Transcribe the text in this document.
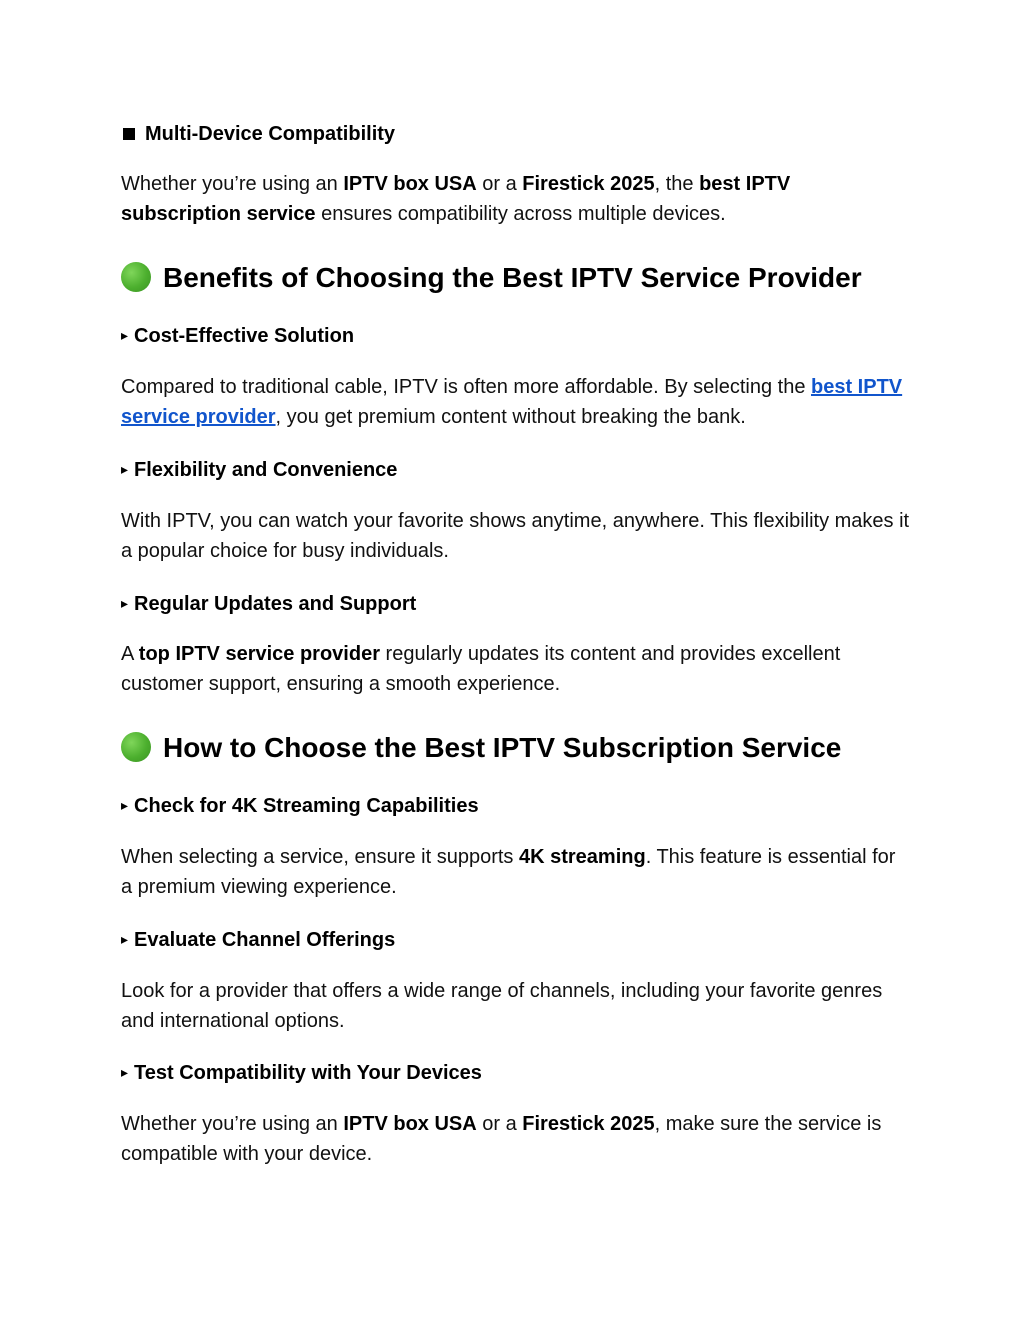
Multi-Device Compatibility
Whether you’re using an IPTV box USA or a Firestick 2025, the best IPTV subscription service ensures compatibility across multiple devices.
Benefits of Choosing the Best IPTV Service Provider
▸ Cost-Effective Solution
Compared to traditional cable, IPTV is often more affordable. By selecting the best IPTV service provider, you get premium content without breaking the bank.
▸ Flexibility and Convenience
With IPTV, you can watch your favorite shows anytime, anywhere. This flexibility makes it a popular choice for busy individuals.
▸ Regular Updates and Support
A top IPTV service provider regularly updates its content and provides excellent customer support, ensuring a smooth experience.
How to Choose the Best IPTV Subscription Service
▸ Check for 4K Streaming Capabilities
When selecting a service, ensure it supports 4K streaming. This feature is essential for a premium viewing experience.
▸ Evaluate Channel Offerings
Look for a provider that offers a wide range of channels, including your favorite genres and international options.
▸ Test Compatibility with Your Devices
Whether you’re using an IPTV box USA or a Firestick 2025, make sure the service is compatible with your device.
